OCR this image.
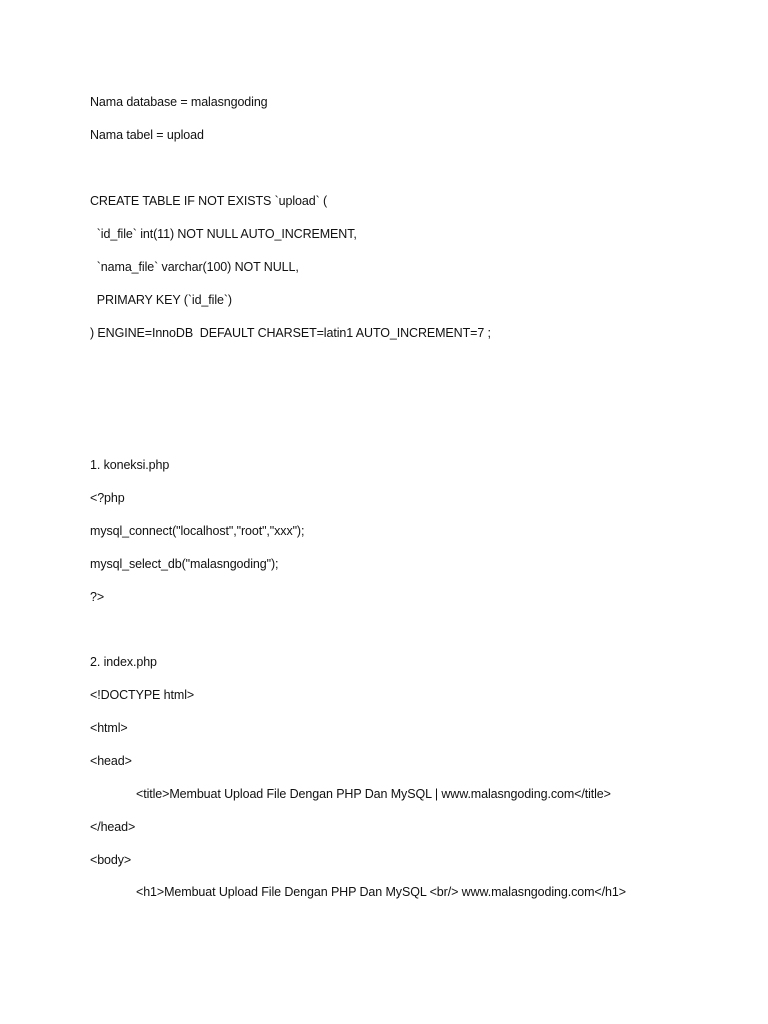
Nama database = malasngoding
Nama tabel = upload
CREATE TABLE IF NOT EXISTS `upload` (
`id_file` int(11) NOT NULL AUTO_INCREMENT,
`nama_file` varchar(100) NOT NULL,
PRIMARY KEY (`id_file`)
) ENGINE=InnoDB  DEFAULT CHARSET=latin1 AUTO_INCREMENT=7 ;
1. koneksi.php
<?php
mysql_connect("localhost","root","xxx");
mysql_select_db("malasngoding");
?>
2. index.php
<!DOCTYPE html>
<html>
<head>
<title>Membuat Upload File Dengan PHP Dan MySQL | www.malasngoding.com</title>
</head>
<body>
<h1>Membuat Upload File Dengan PHP Dan MySQL <br/> www.malasngoding.com</h1>
